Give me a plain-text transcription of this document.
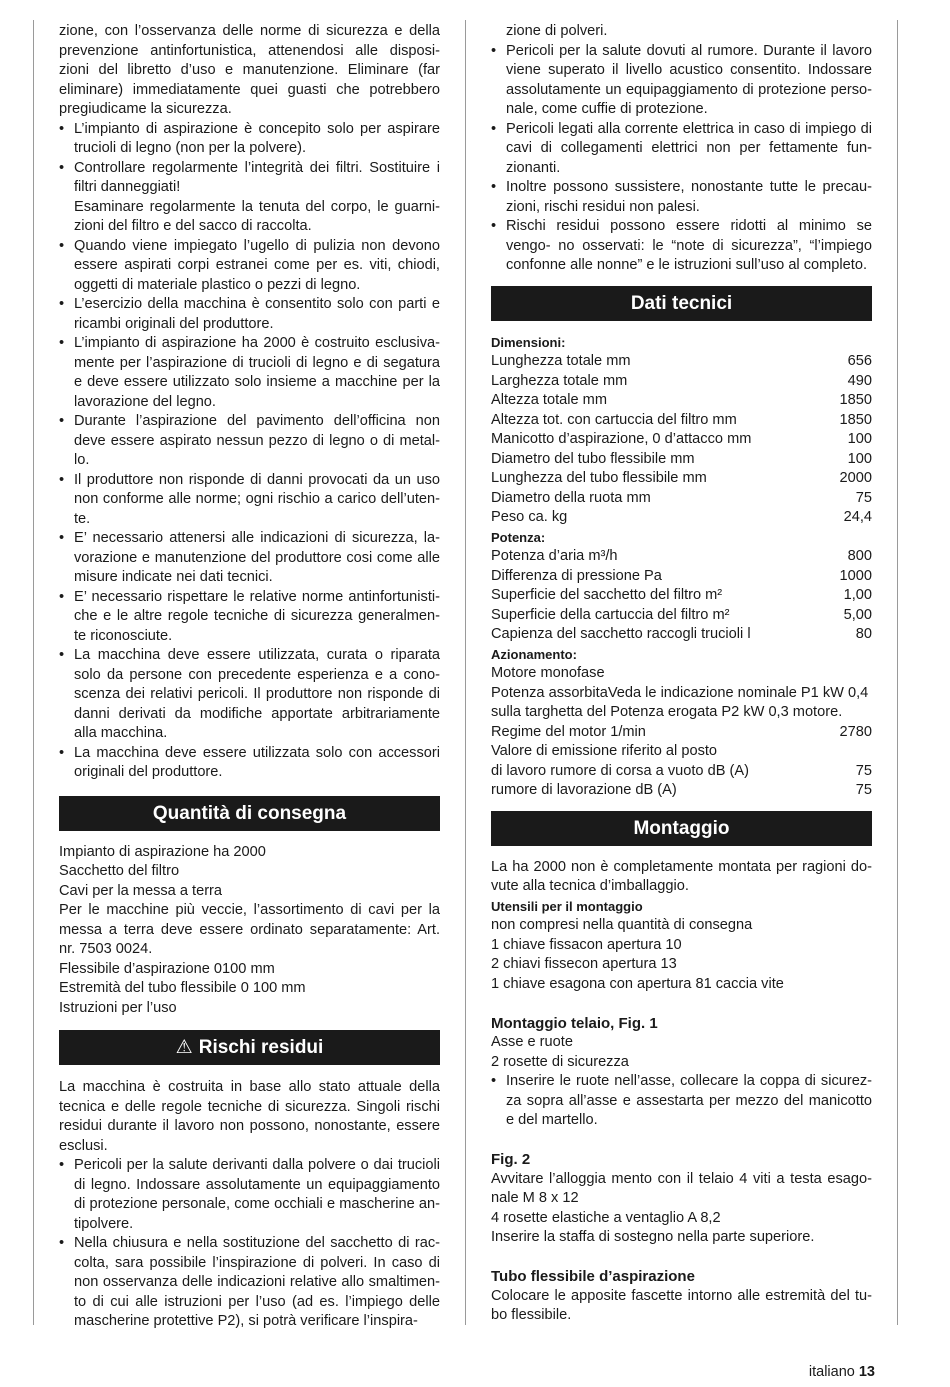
zione, con l’osservanza delle norme di sicurezza e della prevenzione antinfortunistica, attenendosi alle disposi- zioni del libretto d’uso e manutenzione. Eliminare (far eliminare) immediatamente quei guasti che potrebbero pregiudicame la sicurezza.
• L’impianto di aspirazione è concepito solo per aspirare trucioli di legno (non per la polvere).
• Controllare regolarmente l’integrità dei filtri. Sostituire i filtri danneggiati!
Esaminare regolarmente la tenuta del corpo, le guarni- zioni del filtro e del sacco di raccolta.
• Quando viene impiegato l’ugello di pulizia non devono essere aspirati corpi estranei come per es. viti, chiodi, oggetti di materiale plastico o pezzi di legno.
• L’esercizio della macchina è consentito solo con parti e ricambi originali del produttore.
• L’impianto di aspirazione ha 2000 è costruito esclusiva- mente per l’aspirazione di trucioli di legno e di segatura e deve essere utilizzato solo insieme a macchine per la lavorazione del legno.
• Durante l’aspirazione del pavimento dell’officina non deve essere aspirato nessun pezzo di legno o di metal- lo.
• Il produttore non risponde di danni provocati da un uso non conforme alle norme; ogni rischio a carico dell’uten- te.
• E’ necessario attenersi alle indicazioni di sicurezza, la- vorazione e manutenzione del produttore cosi come alle misure indicate nei dati tecnici.
• E’ necessario rispettare le relative norme antinfortunisti- che e le altre regole tecniche di sicurezza generalmen- te riconosciute.
• La macchina deve essere utilizzata, curata o riparata solo da persone con precedente esperienza e a cono- scenza dei relativi pericoli. Il produttore non risponde di danni derivati da modifiche apportate arbitrariamente alla macchina.
• La macchina deve essere utilizzata solo con accessori originali del produttore.
Quantità di consegna
Impianto di aspirazione ha 2000
Sacchetto del filtro
Cavi per la messa a terra
Per le macchine più veccie, l’assortimento di cavi per la messa a terra deve essere ordinato separatamente: Art. nr. 7503 0024.
Flessibile d’aspirazione 0100 mm
Estremità del tubo flessibile 0 100 mm
Istruzioni per l’uso
⚠ Rischi residui
La macchina è costruita in base allo stato attuale della tecnica e delle regole tecniche di sicurezza. Singoli rischi residui durante il lavoro non possono, nonostante, essere esclusi.
• Pericoli per la salute derivanti dalla polvere o dai trucioli di legno. Indossare assolutamente un equipaggiamento di protezione personale, come occhiali e mascherine an- tipolvere.
• Nella chiusura e nella sostituzione del sacchetto di rac- colta, sara possibile l’inspirazione di polveri. In caso di non osservanza delle indicazioni relative allo smaltimen- to di cui alle istruzioni per l’uso (ad es. l’impiego delle mascherine protettive P2), si potrà verificare l’inspira-
zione di polveri.
• Pericoli per la salute dovuti al rumore. Durante il lavoro viene superato il livello acustico consentito. Indossare assolutamente un equipaggiamento di protezione perso- nale, come cuffie di protezione.
• Pericoli legati alla corrente elettrica in caso di impiego di cavi di collegamenti elettrici non per fettamente fun- zionanti.
• Inoltre possono sussistere, nonostante tutte le precau- zioni, rischi residui non palesi.
• Rischi residui possono essere ridotti al minimo se vengo- no osservati: le “note di sicurezza”, “l’impiego confonne alle nonne” e le istruzioni sull’uso al completo.
Dati tecnici
Dimensioni:
Lunghezza totale mm	656
Larghezza totale mm	490
Altezza totale mm	1850
Altezza tot. con cartuccia del filtro mm	1850
Manicotto d’aspirazione, 0 d’attacco mm	100
Diametro del tubo flessibile mm	100
Lunghezza del tubo flessibile mm	2000
Diametro della ruota mm	75
Peso ca. kg	24,4
Potenza:
Potenza d’aria m³/h	800
Differenza di pressione Pa	1000
Superficie del sacchetto del filtro m²	1,00
Superficie della cartuccia del filtro m²	5,00
Capienza del sacchetto raccogli trucioli l	80
Azionamento:
Motore monofase
Potenza assorbitaVeda le indicazione nominale P1 kW 0,4
sulla targhetta del Potenza erogata P2 kW 0,3 motore.
Regime del motor 1/min	2780
Valore di emissione riferito al posto
di lavoro rumore di corsa a vuoto dB (A)	75
rumore di lavorazione dB (A)	75
Montaggio
La ha 2000 non è completamente montata per ragioni do- vute alla tecnica d’imballaggio.
Utensili per il montaggio
non compresi nella quantità di consegna
1 chiave fissacon apertura 10
2 chiavi fissecon apertura 13
1 chiave esagona con apertura 81 caccia vite
Montaggio telaio, Fig. 1
Asse e ruote
2 rosette di sicurezza
• Inserire le ruote nell’asse, collecare la coppa di sicurez- za sopra all’asse e assestarta per mezzo del manicotto e del martello.
Fig. 2
Avvitare l’alloggia mento con il telaio 4 viti a testa esago- nale M 8 x 12
4 rosette elastiche a ventaglio A 8,2
Inserire la staffa di sostegno nella parte superiore.
Tubo flessibile d’aspirazione
Colocare le apposite fascette intorno alle estremità del tu- bo flessibile.
italiano 13
